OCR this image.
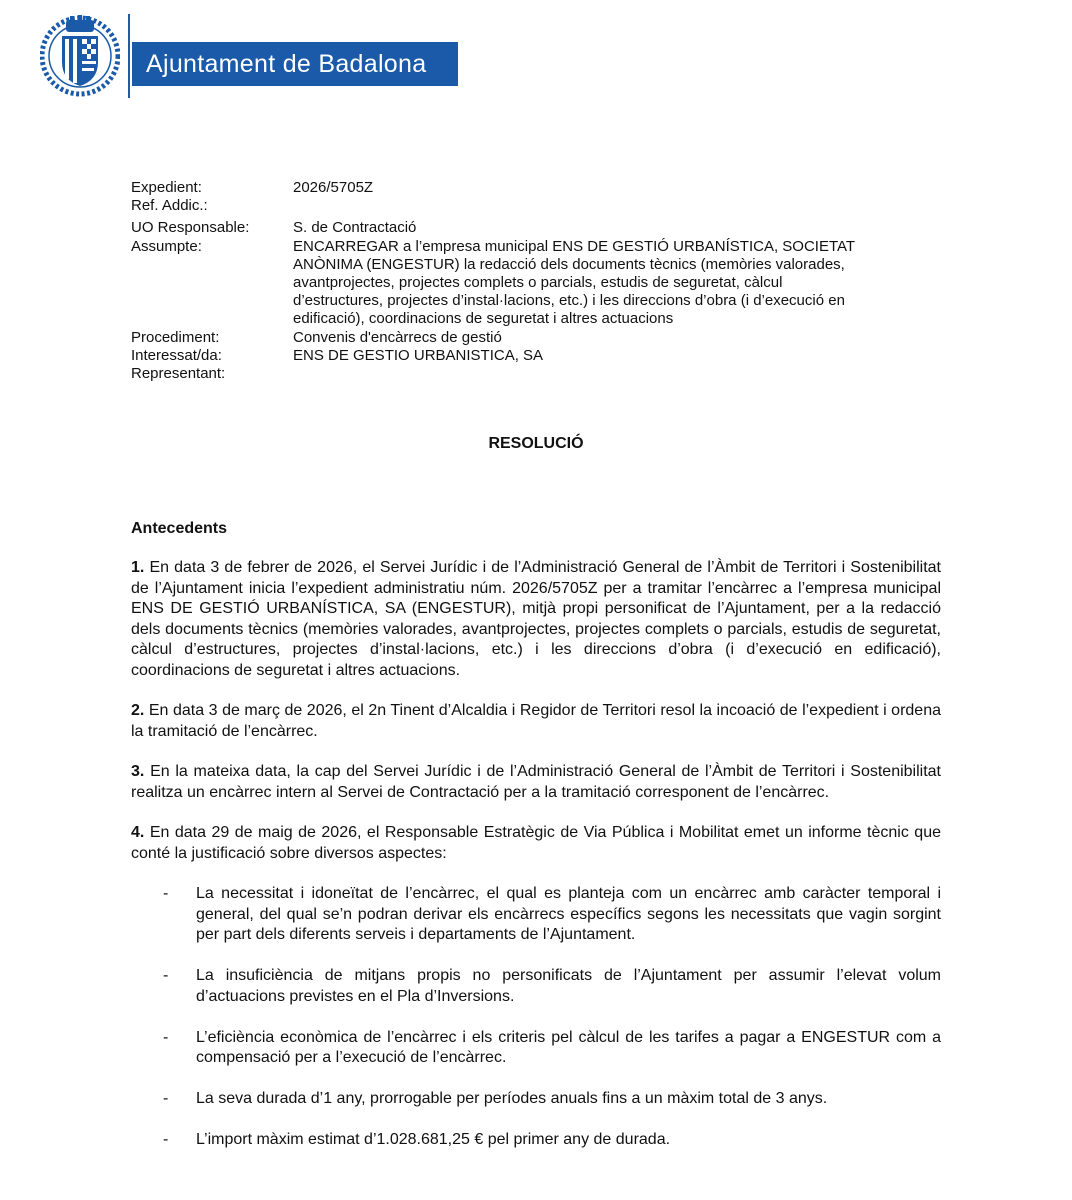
Ajuntament de Badalona
Expedient:	2026/5705Z
Ref. Addic.:
UO Responsable:	S. de Contractació
Assumpte:	ENCARREGAR a l’empresa municipal ENS DE GESTIÓ URBANÍSTICA, SOCIETAT ANÒNIMA (ENGESTUR) la redacció dels documents tècnics (memòries valorades, avantprojectes, projectes complets o parcials, estudis de seguretat, càlcul d’estructures, projectes d’instal·lacions, etc.) i les direccions d’obra (i d’execució en edificació), coordinacions de seguretat i altres actuacions
Procediment:	Convenis d'encàrrecs de gestió
Interessat/da:	ENS DE GESTIO URBANISTICA, SA
Representant:
RESOLUCIÓ
Antecedents

1. En data 3 de febrer de 2026, el Servei Jurídic i de l’Administració General de l’Àmbit de Territori i Sostenibilitat de l’Ajuntament inicia l’expedient administratiu núm. 2026/5705Z per a tramitar l’encàrrec a l’empresa municipal ENS DE GESTIÓ URBANÍSTICA, SA (ENGESTUR), mitjà propi personificat de l’Ajuntament, per a la redacció dels documents tècnics (memòries valorades, avantprojectes, projectes complets o parcials, estudis de seguretat, càlcul d’estructures, projectes d’instal·lacions, etc.) i les direccions d’obra (i d’execució en edificació), coordinacions de seguretat i altres actuacions.

2. En data 3 de març de 2026, el 2n Tinent d’Alcaldia i Regidor de Territori resol la incoació de l’expedient i ordena la tramitació de l’encàrrec.

3. En la mateixa data, la cap del Servei Jurídic i de l’Administració General de l’Àmbit de Territori i Sostenibilitat realitza un encàrrec intern al Servei de Contractació per a la tramitació corresponent de l’encàrrec.

4. En data 29 de maig de 2026, el Responsable Estratègic de Via Pública i Mobilitat emet un informe tècnic que conté la justificació sobre diversos aspectes:

-	La necessitat i idoneïtat de l’encàrrec, el qual es planteja com un encàrrec amb caràcter temporal i general, del qual se’n podran derivar els encàrrecs específics segons les necessitats que vagin sorgint per part dels diferents serveis i departaments de l’Ajuntament.
-	La insuficiència de mitjans propis no personificats de l’Ajuntament per assumir l’elevat volum d’actuacions previstes en el Pla d’Inversions.
-	L’eficiència econòmica de l’encàrrec i els criteris pel càlcul de les tarifes a pagar a ENGESTUR com a compensació per a l’execució de l’encàrrec.
-	La seva durada d’1 any, prorrogable per períodes anuals fins a un màxim total de 3 anys.
-	L’import màxim estimat d’1.028.681,25 € pel primer any de durada.
